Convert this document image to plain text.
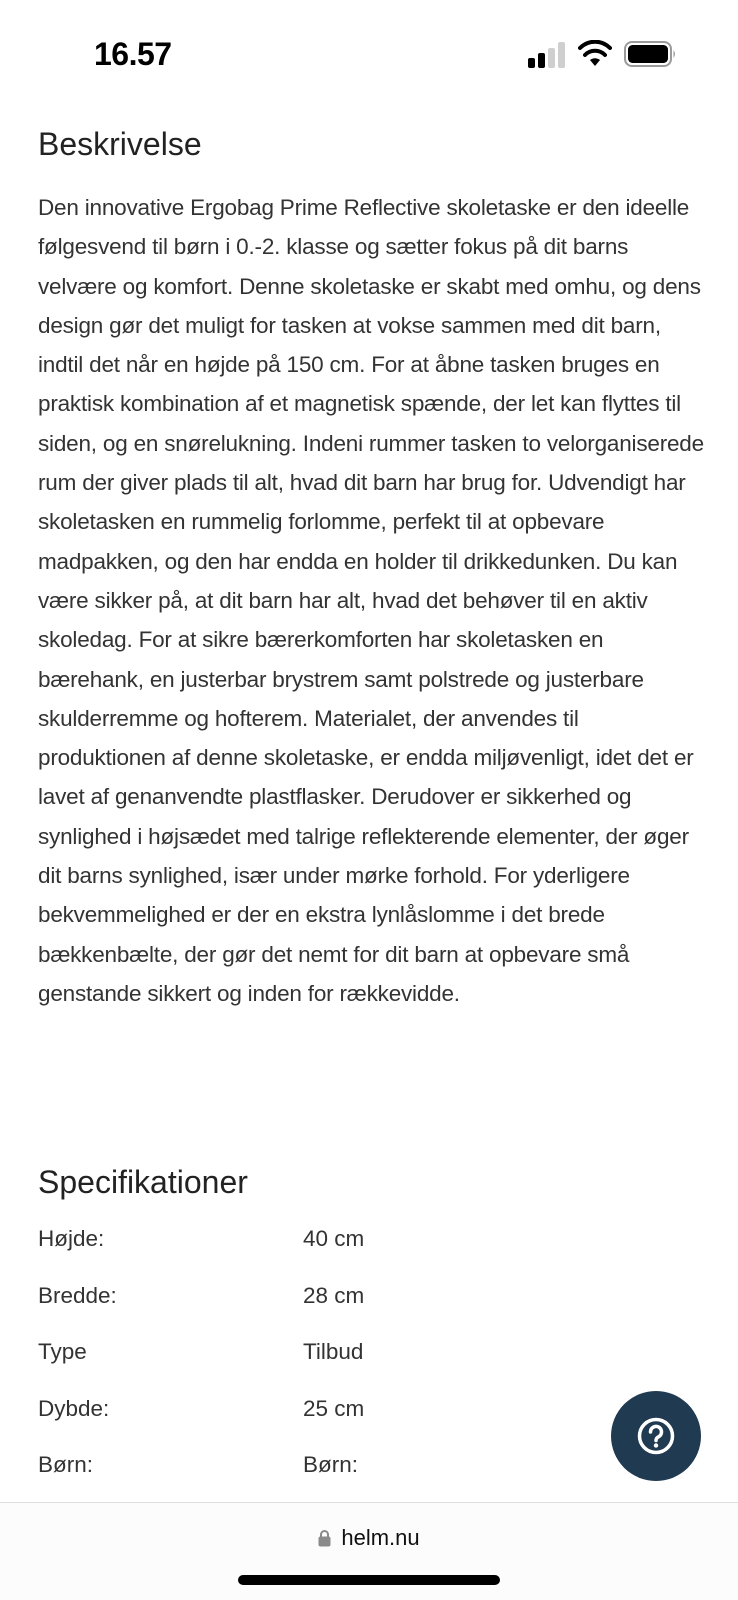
16.57
Beskrivelse

Den innovative Ergobag Prime Reflective skoletaske er den ideelle følgesvend til børn i 0.-2. klasse og sætter fokus på dit barns velvære og komfort. Denne skoletaske er skabt med omhu, og dens design gør det muligt for tasken at vokse sammen med dit barn, indtil det når en højde på 150 cm. For at åbne tasken bruges en praktisk kombination af et magnetisk spænde, der let kan flyttes til siden, og en snørelukning. Indeni rummer tasken to velorganiserede rum der giver plads til alt, hvad dit barn har brug for. Udvendigt har skoletasken en rummelig forlomme, perfekt til at opbevare madpakken, og den har endda en holder til drikkedunken. Du kan være sikker på, at dit barn har alt, hvad det behøver til en aktiv skoledag. For at sikre bærerkomforten har skoletasken en bærehank, en justerbar brystrem samt polstrede og justerbare skulderremme og hofterem. Materialet, der anvendes til produktionen af denne skoletaske, er endda miljøvenligt, idet det er lavet af genanvendte plastflasker. Derudover er sikkerhed og synlighed i højsædet med talrige reflekterende elementer, der øger dit barns synlighed, især under mørke forhold. For yderligere bekvemmelighed er der en ekstra lynlåslomme i det brede bækkenbælte, der gør det nemt for dit barn at opbevare små genstande sikkert og inden for rækkevidde.

Specifikationer
Højde:	40 cm
Bredde:	28 cm
Type	Tilbud
Dybde:	25 cm
Børn:	Børn:
helm.nu
